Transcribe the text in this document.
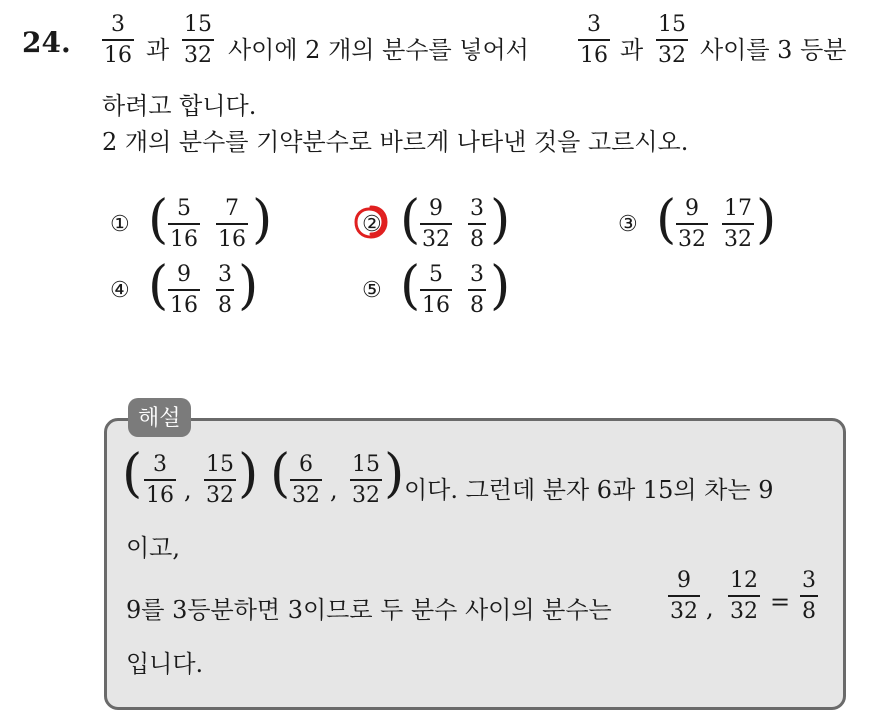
24.
3
16 과
15
32 사이에 2 개의 분수를 넣어서
3
16 과
15
32 사이를 3 등분
하려고 합니다.
2 개의 분수를 기약분수로 바르게 나타낸 것을 고르시오.
① ( 5
16
7
16 )	② ( 9
32
3
8 )	③ ( 9
32
17
32 )
④ ( 9
16
3
8 )	⑤ ( 5
16
3
8 )
해설
( 3
16 ,
15
32 ) ( 6
32 ,
15
32 ) 이다. 그런데 분자 6과 15의 차는 9
이고,
9를 3등분하면 3이므로 두 분수 사이의 분수는
9
32 ,
12
32 =
3
8
입니다.
